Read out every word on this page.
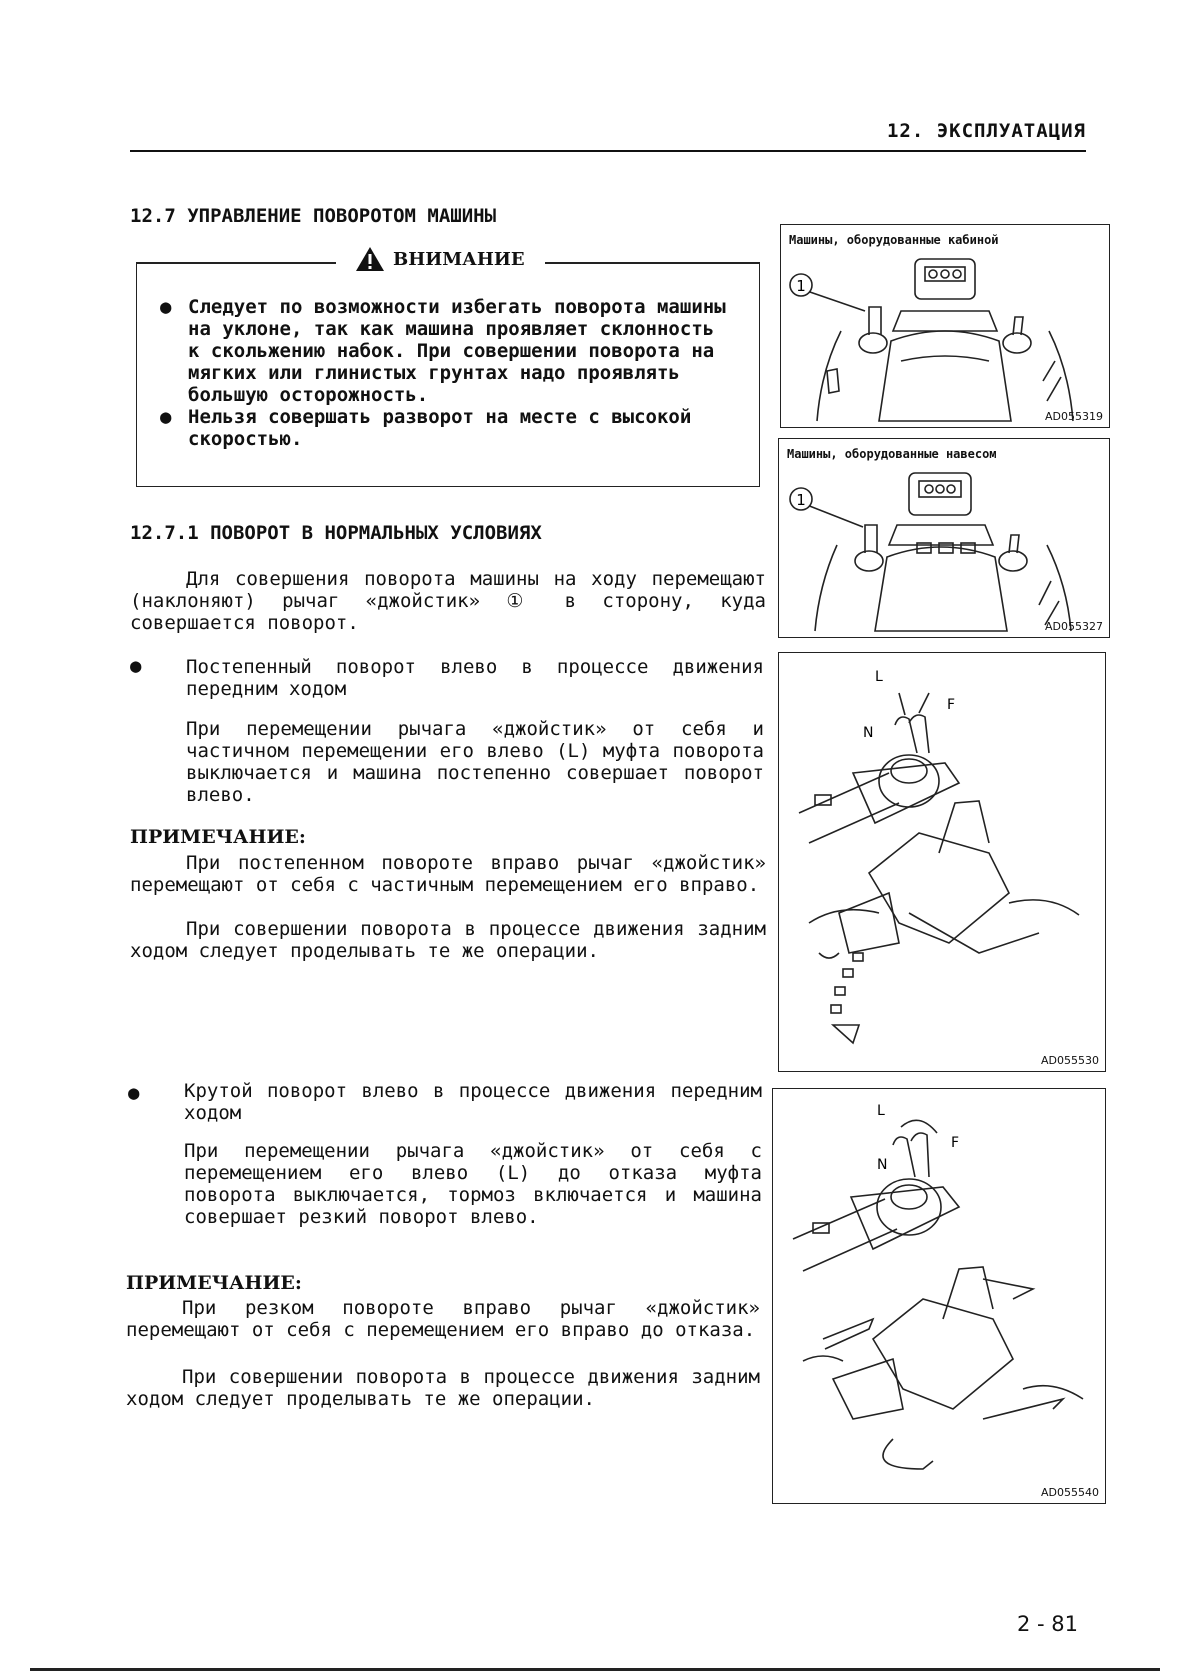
12. ЭКСПЛУАТАЦИЯ
12.7 УПРАВЛЕНИЕ ПОВОРОТОМ МАШИНЫ
ВНИМАНИЕ
● Следует по возможности избегать поворота машины на уклоне, так как машина проявляет склонность к скольжению набок. При совершении поворота на мягких или глинистых грунтах надо проявлять большую осторожность.
● Нельзя совершать разворот на месте с высокой скоростью.
12.7.1 ПОВОРОТ В НОРМАЛЬНЫХ УСЛОВИЯХ
Для совершения поворота машины на ходу перемещают (наклоняют) рычаг «джойстик» ① в сторону, куда совершается поворот.
● Постепенный поворот влево в процессе движения передним ходом
При перемещении рычага «джойстик» от себя и частичном перемещении его влево (L) муфта поворота выключается и машина постепенно совершает поворот влево.
ПРИМЕЧАНИЕ:
При постепенном повороте вправо рычаг «джойстик» перемещают от себя с частичным перемещением его вправо.
При совершении поворота в процессе движения задним ходом следует проделывать те же операции.
● Крутой поворот влево в процессе движения передним ходом
При перемещении рычага «джойстик» от себя с перемещением его влево (L) до отказа муфта поворота выключается, тормоз включается и машина совершает резкий поворот влево.
ПРИМЕЧАНИЕ:
При резком повороте вправо рычаг «джойстик» перемещают от себя с перемещением его вправо до отказа.
При совершении поворота в процессе движения задним ходом следует проделывать те же операции.
Машины, оборудованные кабиной
1
AD055319
Машины, оборудованные навесом
1
AD055327
L
F
N
AD055530
L
F
N
AD055540
2 - 81
